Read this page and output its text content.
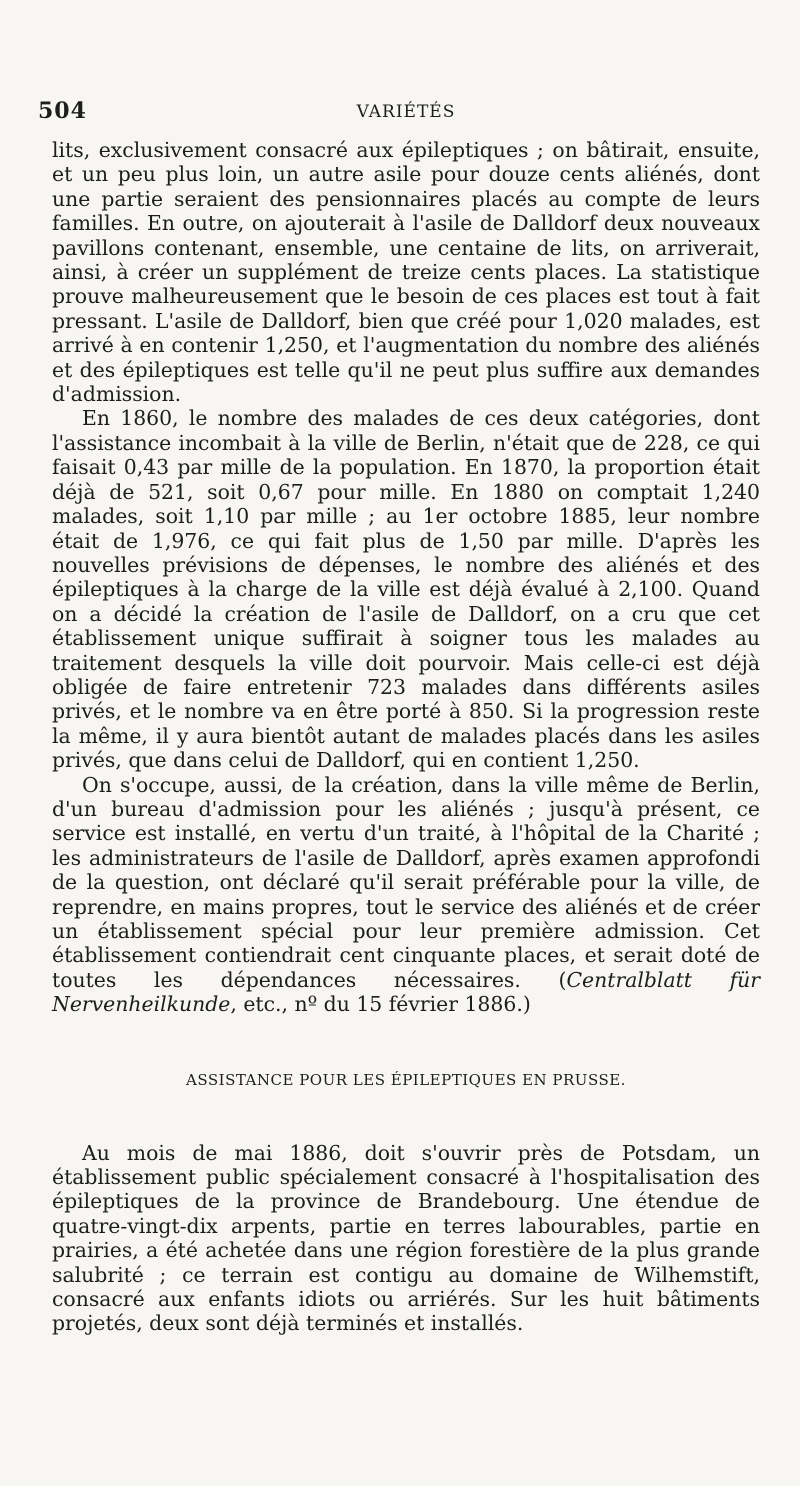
504	VARIÉTÉS

lits, exclusivement consacré aux épileptiques ; on bâtirait, ensuite, et un peu plus loin, un autre asile pour douze cents aliénés, dont une partie seraient des pensionnaires placés au compte de leurs familles. En outre, on ajouterait à l'asile de Dalldorf deux nouveaux pavillons contenant, ensemble, une centaine de lits, on arriverait, ainsi, à créer un supplément de treize cents places. La statistique prouve malheureusement que le besoin de ces places est tout à fait pressant. L'asile de Dalldorf, bien que créé pour 1,020 malades, est arrivé à en contenir 1,250, et l'augmentation du nombre des aliénés et des épileptiques est telle qu'il ne peut plus suffire aux demandes d'admission.

En 1860, le nombre des malades de ces deux catégories, dont l'assistance incombait à la ville de Berlin, n'était que de 228, ce qui faisait 0,43 par mille de la population. En 1870, la proportion était déjà de 521, soit 0,67 pour mille. En 1880 on comptait 1,240 malades, soit 1,10 par mille ; au 1er octobre 1885, leur nombre était de 1,976, ce qui fait plus de 1,50 par mille. D'après les nouvelles prévisions de dépenses, le nombre des aliénés et des épileptiques à la charge de la ville est déjà évalué à 2,100. Quand on a décidé la création de l'asile de Dalldorf, on a cru que cet établissement unique suffirait à soigner tous les malades au traitement desquels la ville doit pourvoir. Mais celle-ci est déjà obligée de faire entretenir 723 malades dans différents asiles privés, et le nombre va en être porté à 850. Si la progression reste la même, il y aura bientôt autant de malades placés dans les asiles privés, que dans celui de Dalldorf, qui en contient 1,250.

On s'occupe, aussi, de la création, dans la ville même de Berlin, d'un bureau d'admission pour les aliénés ; jusqu'à présent, ce service est installé, en vertu d'un traité, à l'hôpital de la Charité ; les administrateurs de l'asile de Dalldorf, après examen approfondi de la question, ont déclaré qu'il serait préférable pour la ville, de reprendre, en mains propres, tout le service des aliénés et de créer un établissement spécial pour leur première admission. Cet établissement contiendrait cent cinquante places, et serait doté de toutes les dépendances nécessaires. (Centralblatt für Nervenheilkunde, etc., nº du 15 février 1886.)

ASSISTANCE POUR LES ÉPILEPTIQUES EN PRUSSE.

Au mois de mai 1886, doit s'ouvrir près de Potsdam, un établissement public spécialement consacré à l'hospitalisation des épileptiques de la province de Brandebourg. Une étendue de quatre-vingt-dix arpents, partie en terres labourables, partie en prairies, a été achetée dans une région forestière de la plus grande salubrité ; ce terrain est contigu au domaine de Wilhemstift, consacré aux enfants idiots ou arriérés. Sur les huit bâtiments projetés, deux sont déjà terminés et installés.
